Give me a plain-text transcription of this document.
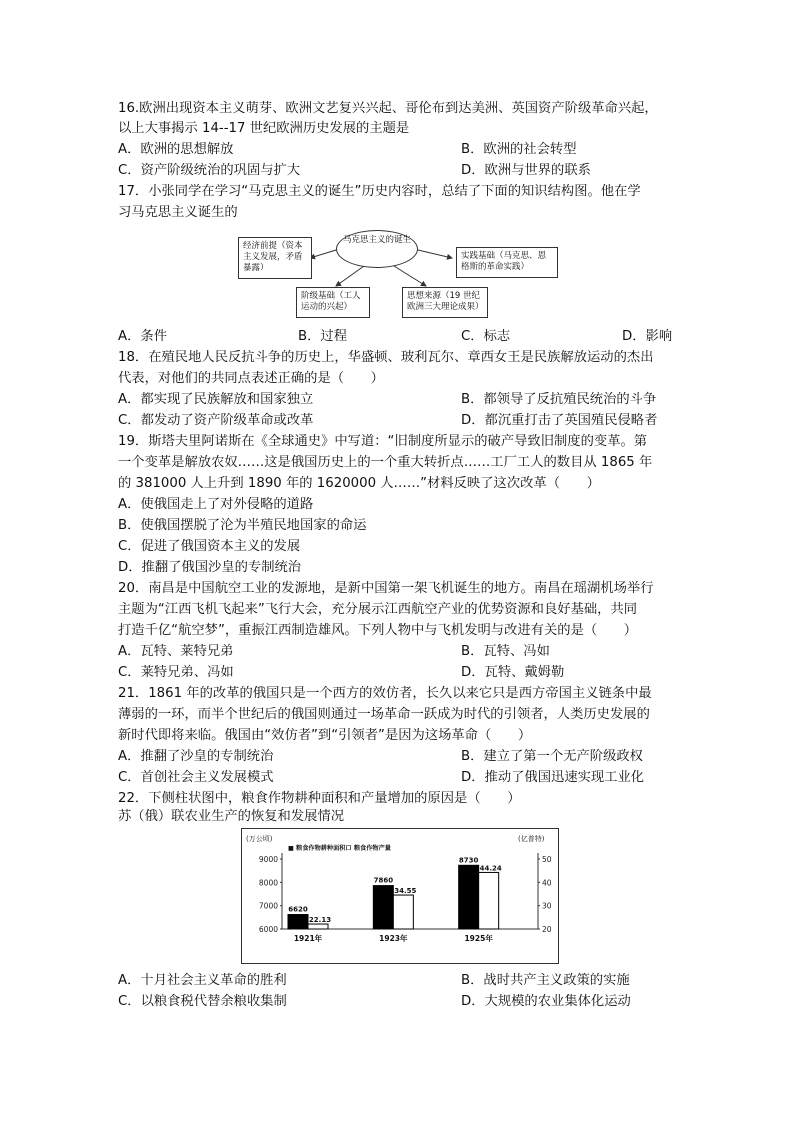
16.欧洲出现资本主义萌芽、欧洲文艺复兴兴起、哥伦布到达美洲、英国资产阶级革命兴起，
以上大事揭示 14--17 世纪欧洲历史发展的主题是
A．欧洲的思想解放	B．欧洲的社会转型
C．资产阶级统治的巩固与扩大	D．欧洲与世界的联系
17．小张同学在学习“马克思主义的诞生”历史内容时，总结了下面的知识结构图。他在学
习马克思主义诞生的
马克思主义的诞生
经济前提（资本主义发展，矛盾暴露）
实践基础（马克思、恩格斯的革命实践）
阶级基础（工人运动的兴起）
思想来源（19 世纪欧洲三大理论成果）
A．条件	B．过程	C．标志	D．影响
18．在殖民地人民反抗斗争的历史上，华盛顿、玻利瓦尔、章西女王是民族解放运动的杰出
代表，对他们的共同点表述正确的是（　　）
A．都实现了民族解放和国家独立	B．都领导了反抗殖民统治的斗争
C．都发动了资产阶级革命或改革	D．都沉重打击了英国殖民侵略者
19．斯塔夫里阿诺斯在《全球通史》中写道：“旧制度所显示的破产导致旧制度的变革。第
一个变革是解放农奴……这是俄国历史上的一个重大转折点……工厂工人的数目从 1865 年
的 381000 人上升到 1890 年的 1620000 人……”材料反映了这次改革（　　）
A．使俄国走上了对外侵略的道路
B．使俄国摆脱了沦为半殖民地国家的命运
C．促进了俄国资本主义的发展
D．推翻了俄国沙皇的专制统治
20．南昌是中国航空工业的发源地，是新中国第一架飞机诞生的地方。南昌在瑶湖机场举行
主题为“江西飞机飞起来”飞行大会，充分展示江西航空产业的优势资源和良好基础，共同
打造千亿“航空梦”，重振江西制造雄风。下列人物中与飞机发明与改进有关的是（　　）
A．瓦特、莱特兄弟	B．瓦特、冯如
C．莱特兄弟、冯如	D．瓦特、戴姆勒
21．1861 年的改革的俄国只是一个西方的效仿者，长久以来它只是西方帝国主义链条中最
薄弱的一环，而半个世纪后的俄国则通过一场革命一跃成为时代的引领者，人类历史发展的
新时代即将来临。俄国由“效仿者”到“引领者”是因为这场革命（　　）
A．推翻了沙皇的专制统治	B．建立了第一个无产阶级政权
C．首创社会主义发展模式	D．推动了俄国迅速实现工业化
22．下侧柱状图中，粮食作物耕种面积和产量增加的原因是（　　）
苏（俄）联农业生产的恢复和发展情况
(万公顷)	(亿普特)
■ 粮食作物耕种面积口 粮食作物产量
6000
7000
8000
9000
20
30
40
50
6620
22.13
1921年
7860
34.55
1923年
8730
44.24
1925年
A．十月社会主义革命的胜利	B．战时共产主义政策的实施
C．以粮食税代替余粮收集制	D．大规模的农业集体化运动
